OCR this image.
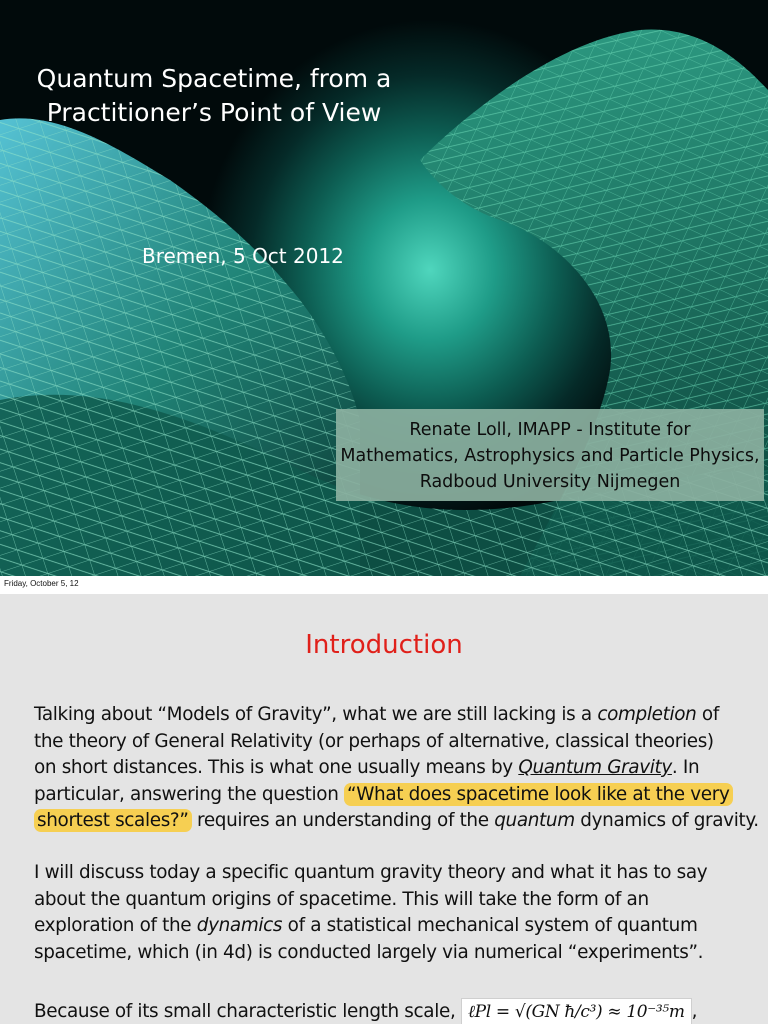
Quantum Spacetime, from a
Practitioner’s Point of View
Bremen, 5 Oct 2012
Renate Loll, IMAPP - Institute for
Mathematics, Astrophysics and Particle Physics,
Radboud University Nijmegen
Friday, October 5, 12
Introduction
Talking about “Models of Gravity”, what we are still lacking is a completion of
the theory of General Relativity (or perhaps of alternative, classical theories)
on short distances. This is what one usually means by Quantum Gravity. In
particular, answering the question “What does spacetime look like at the very
shortest scales?” requires an understanding of the quantum dynamics of gravity.
I will discuss today a specific quantum gravity theory and what it has to say
about the quantum origins of spacetime. This will take the form of an
exploration of the dynamics of a statistical mechanical system of quantum
spacetime, which (in 4d) is conducted largely via numerical “experiments”.
Because of its small characteristic length scale, ℓPl = √(GN ħ/c³) ≈ 10⁻³⁵m ,
